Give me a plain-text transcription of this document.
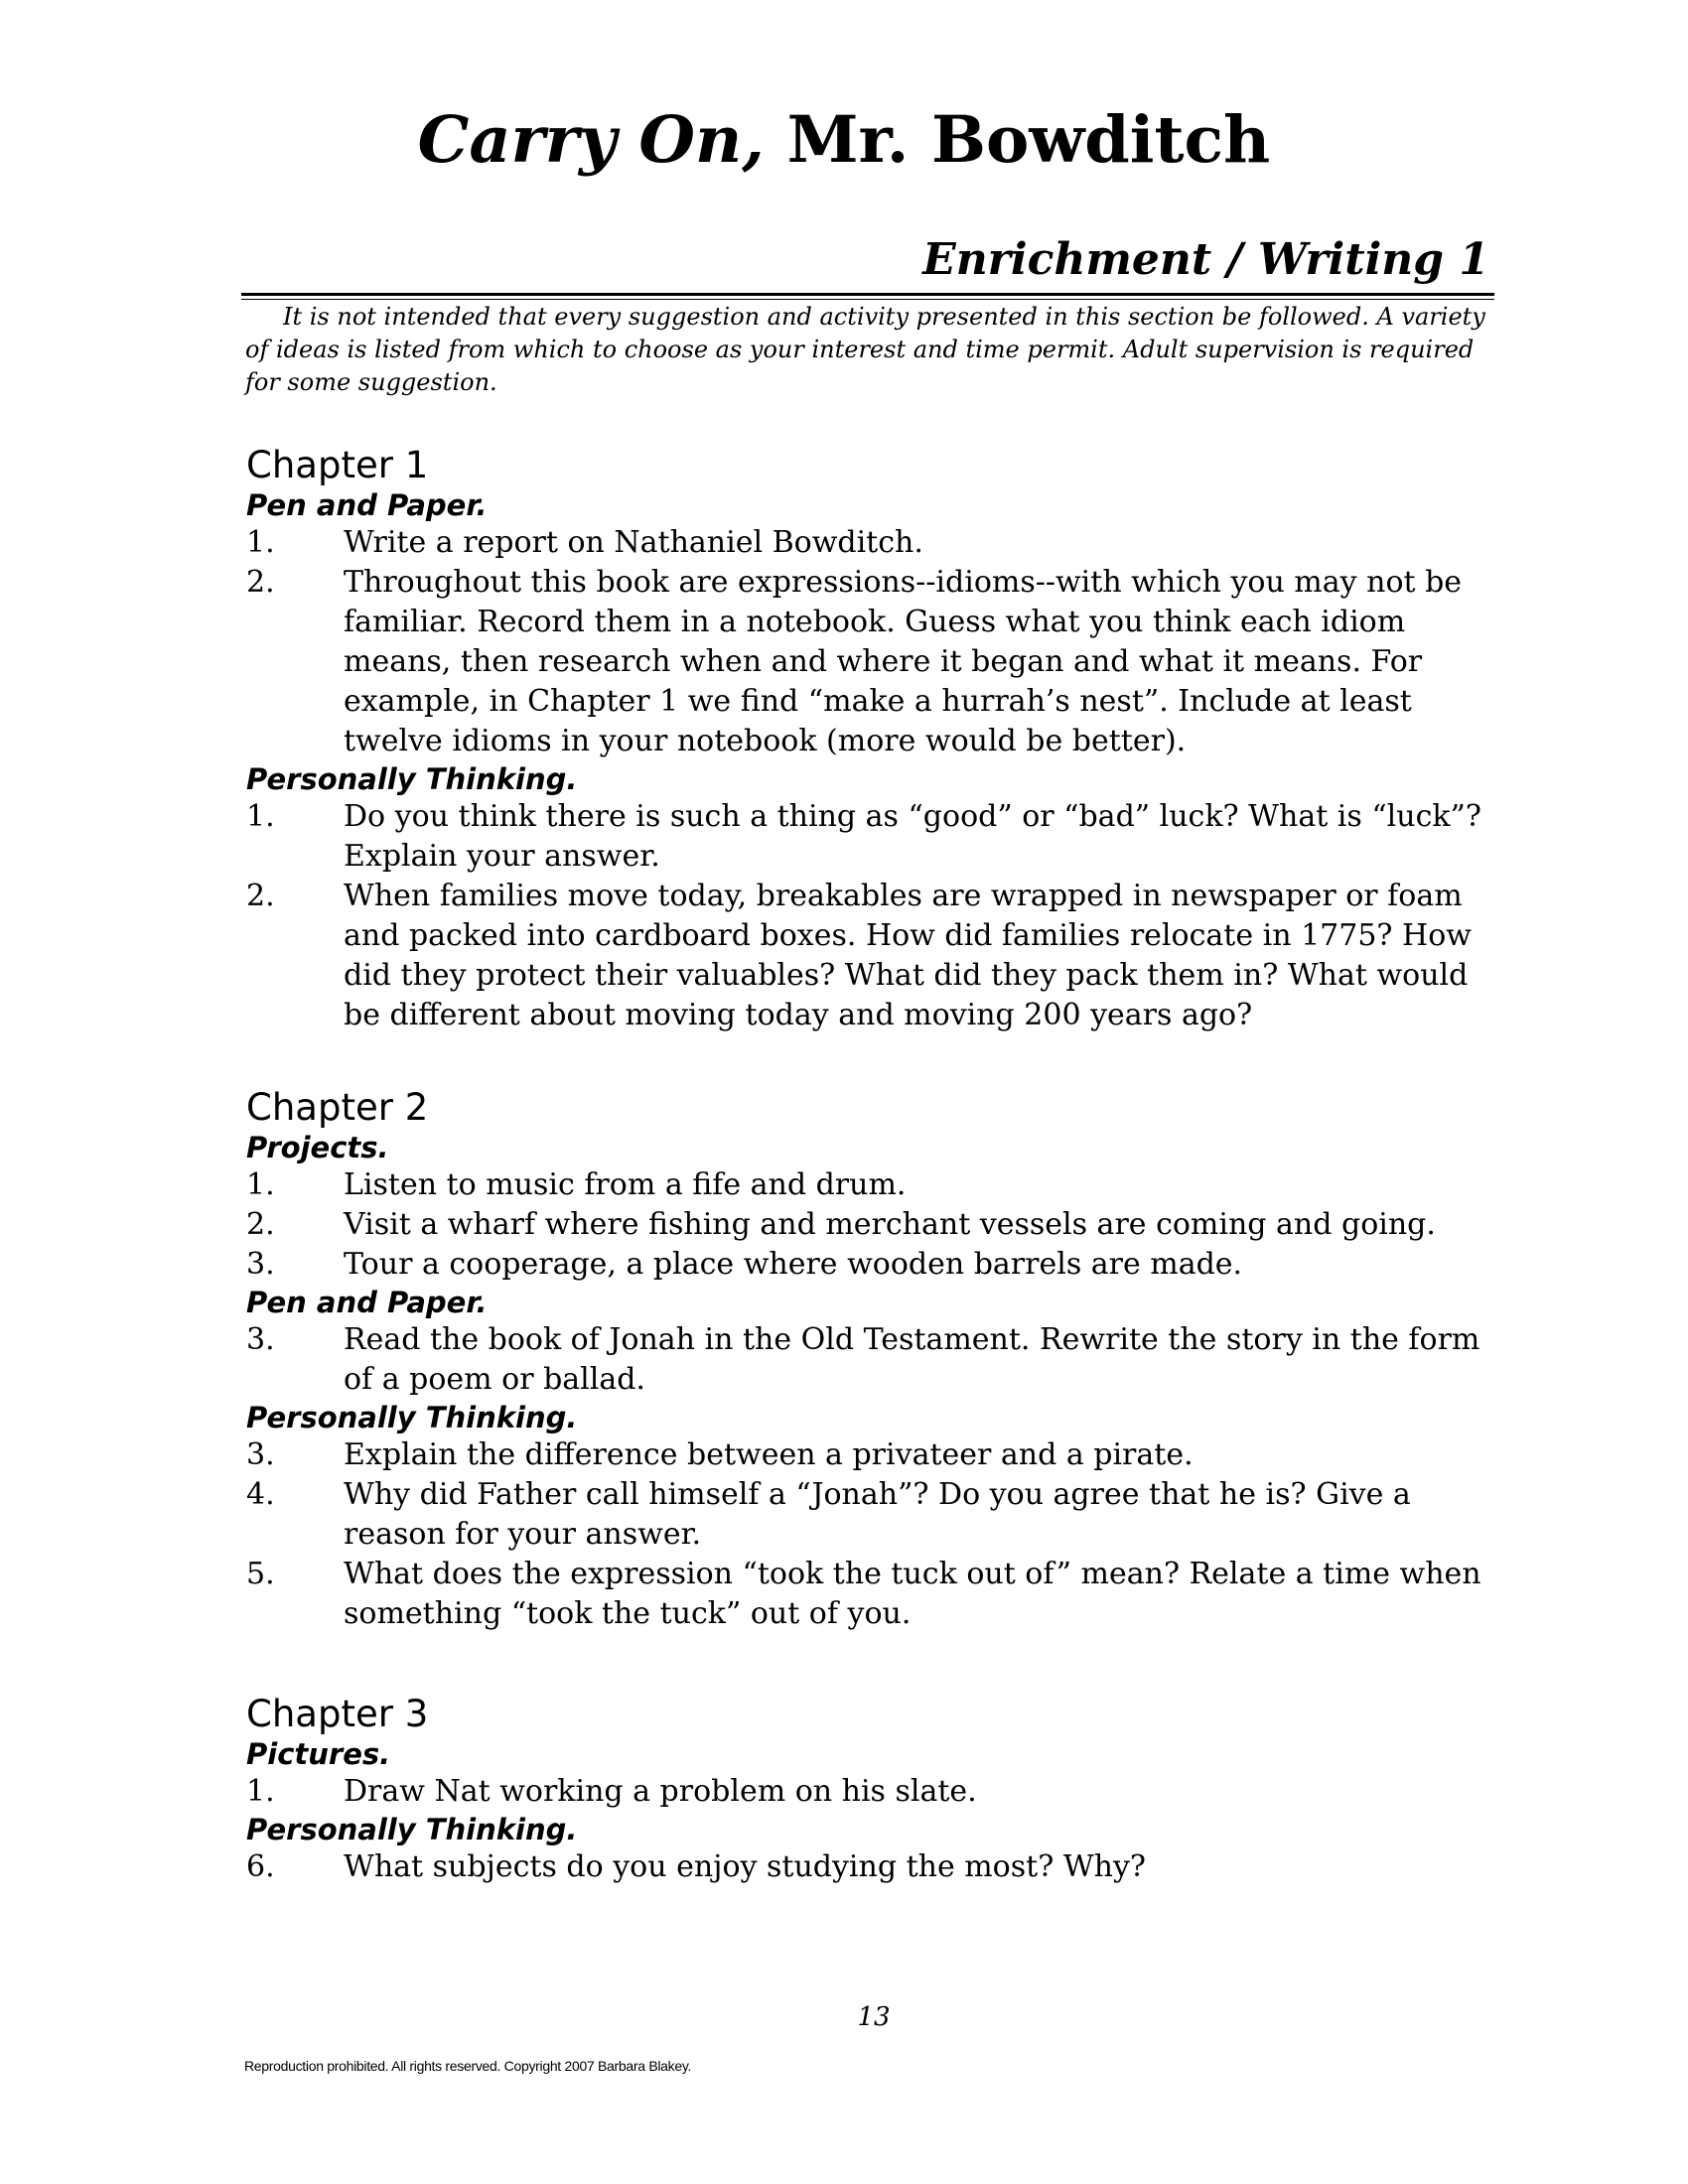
Carry On, Mr. Bowditch
Enrichment / Writing 1

It is not intended that every suggestion and activity presented in this section be followed. A variety of ideas is listed from which to choose as your interest and time permit. Adult supervision is required for some suggestion.

Chapter 1
Pen and Paper.
1. Write a report on Nathaniel Bowditch.
2. Throughout this book are expressions--idioms--with which you may not be familiar. Record them in a notebook. Guess what you think each idiom means, then research when and where it began and what it means. For example, in Chapter 1 we find “make a hurrah’s nest”. Include at least twelve idioms in your notebook (more would be better).
Personally Thinking.
1. Do you think there is such a thing as “good” or “bad” luck? What is “luck”? Explain your answer.
2. When families move today, breakables are wrapped in newspaper or foam and packed into cardboard boxes. How did families relocate in 1775? How did they protect their valuables? What did they pack them in? What would be different about moving today and moving 200 years ago?
Chapter 2
Projects.
1. Listen to music from a fife and drum.
2. Visit a wharf where fishing and merchant vessels are coming and going.
3. Tour a cooperage, a place where wooden barrels are made.
Pen and Paper.
3. Read the book of Jonah in the Old Testament. Rewrite the story in the form of a poem or ballad.
Personally Thinking.
3. Explain the difference between a privateer and a pirate.
4. Why did Father call himself a “Jonah”? Do you agree that he is? Give a reason for your answer.
5. What does the expression “took the tuck out of” mean? Relate a time when something “took the tuck” out of you.
Chapter 3
Pictures.
1. Draw Nat working a problem on his slate.
Personally Thinking.
6. What subjects do you enjoy studying the most? Why?

13

Reproduction prohibited. All rights reserved. Copyright 2007 Barbara Blakey.
